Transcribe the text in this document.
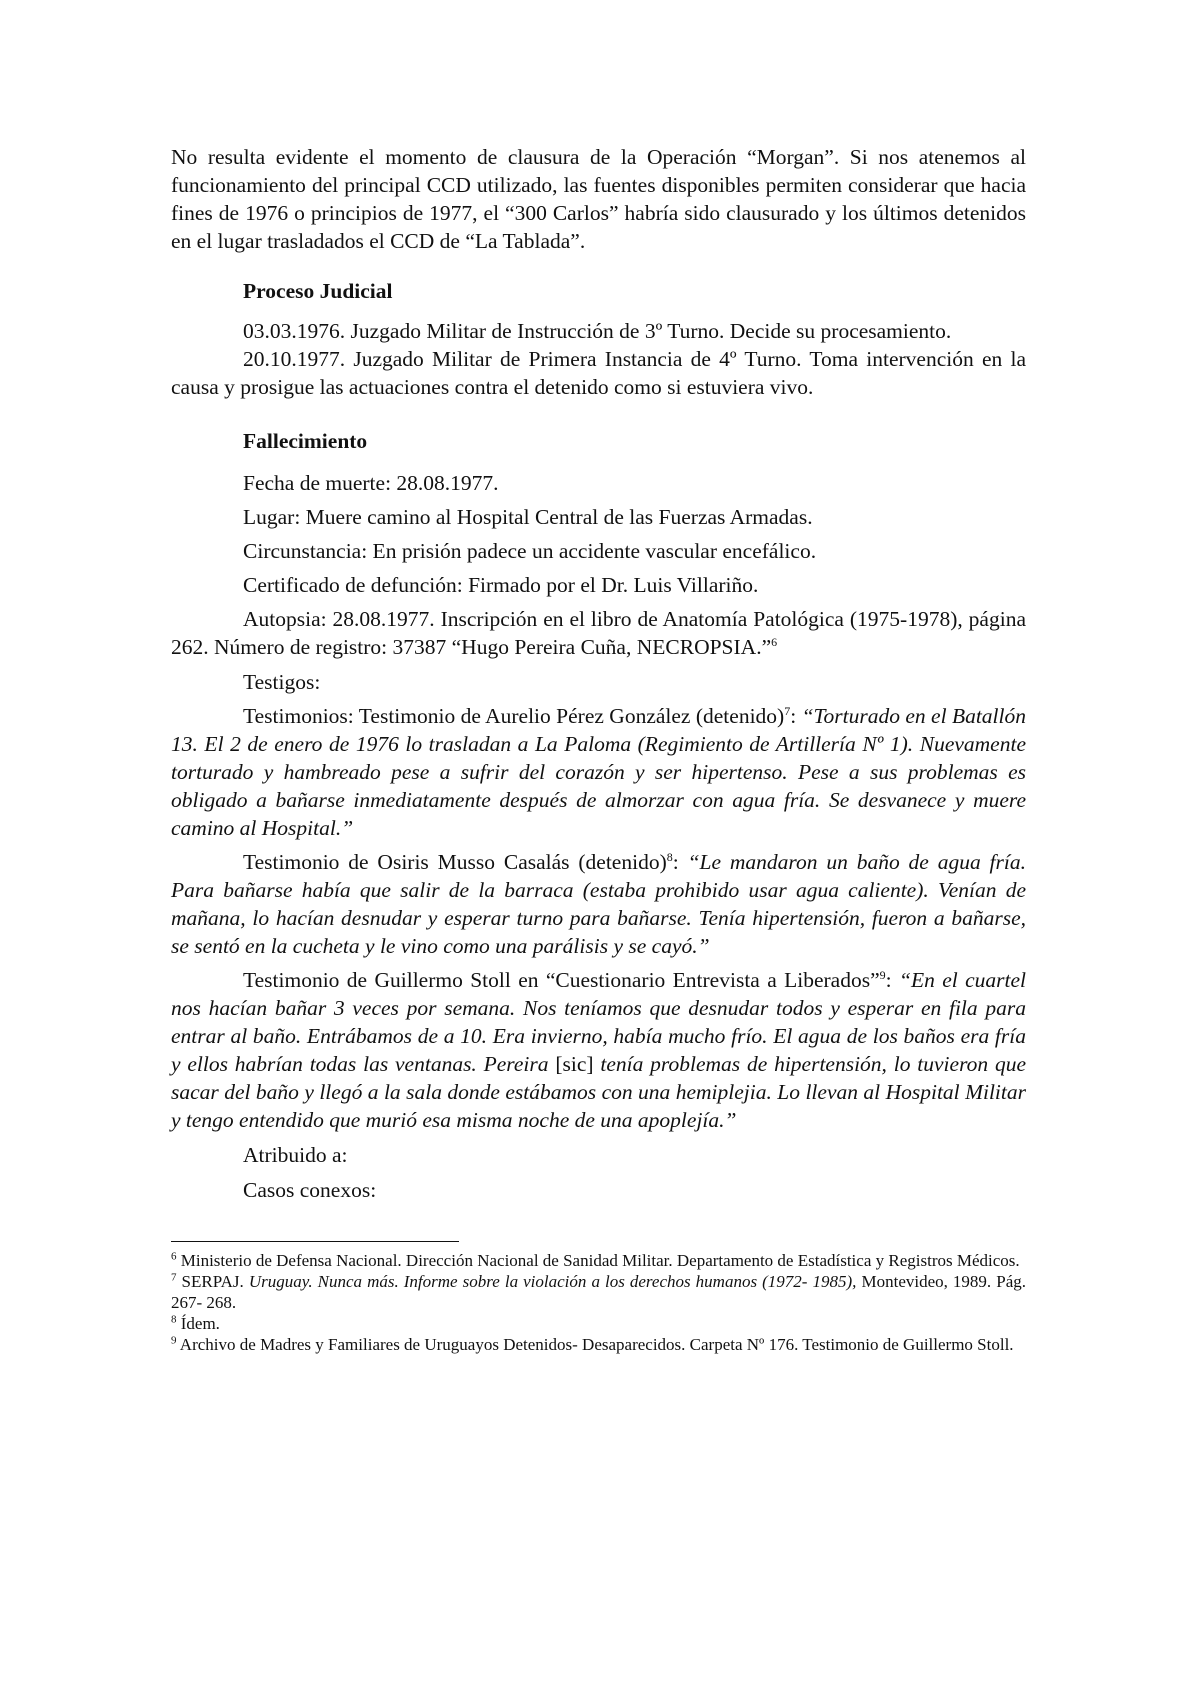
No resulta evidente el momento de clausura de la Operación “Morgan”. Si nos atenemos al funcionamiento del principal CCD utilizado, las fuentes disponibles permiten considerar que hacia fines de 1976 o principios de 1977, el “300 Carlos” habría sido clausurado y los últimos detenidos en el lugar trasladados el CCD de “La Tablada”.

Proceso Judicial

03.03.1976. Juzgado Militar de Instrucción de 3º Turno. Decide su procesamiento.

20.10.1977. Juzgado Militar de Primera Instancia de 4º Turno. Toma intervención en la causa y prosigue las actuaciones contra el detenido como si estuviera vivo.

Fallecimiento

Fecha de muerte: 28.08.1977.

Lugar: Muere camino al Hospital Central de las Fuerzas Armadas.

Circunstancia: En prisión padece un accidente vascular encefálico.

Certificado de defunción: Firmado por el Dr. Luis Villariño.

Autopsia: 28.08.1977. Inscripción en el libro de Anatomía Patológica (1975-1978), página 262. Número de registro: 37387 “Hugo Pereira Cuña, NECROPSIA.”$^6$

Testigos:

Testimonios: Testimonio de Aurelio Pérez González (detenido)$^7$: “Torturado en el Batallón 13. El 2 de enero de 1976 lo trasladan a La Paloma (Regimiento de Artillería Nº 1). Nuevamente torturado y hambreado pese a sufrir del corazón y ser hipertenso. Pese a sus problemas es obligado a bañarse inmediatamente después de almorzar con agua fría. Se desvanece y muere camino al Hospital.”

Testimonio de Osiris Musso Casalás (detenido)$^8$: “Le mandaron un baño de agua fría. Para bañarse había que salir de la barraca (estaba prohibido usar agua caliente). Venían de mañana, lo hacían desnudar y esperar turno para bañarse. Tenía hipertensión, fueron a bañarse, se sentó en la cucheta y le vino como una parálisis y se cayó.”

Testimonio de Guillermo Stoll en “Cuestionario Entrevista a Liberados”$^9$: “En el cuartel nos hacían bañar 3 veces por semana. Nos teníamos que desnudar todos y esperar en fila para entrar al baño. Entrábamos de a 10. Era invierno, había mucho frío. El agua de los baños era fría y ellos habrían todas las ventanas. Pereira [sic] tenía problemas de hipertensión, lo tuvieron que sacar del baño y llegó a la sala donde estábamos con una hemiplejia. Lo llevan al Hospital Militar y tengo entendido que murió esa misma noche de una apoplejía.”

Atribuido a:

Casos conexos:

$^6$ Ministerio de Defensa Nacional. Dirección Nacional de Sanidad Militar. Departamento de Estadística y Registros Médicos.

$^7$ SERPAJ. Uruguay. Nunca más. Informe sobre la violación a los derechos humanos (1972- 1985), Montevideo, 1989. Pág. 267- 268.

$^8$ Ídem.

$^9$ Archivo de Madres y Familiares de Uruguayos Detenidos- Desaparecidos. Carpeta Nº 176. Testimonio de Guillermo Stoll.
